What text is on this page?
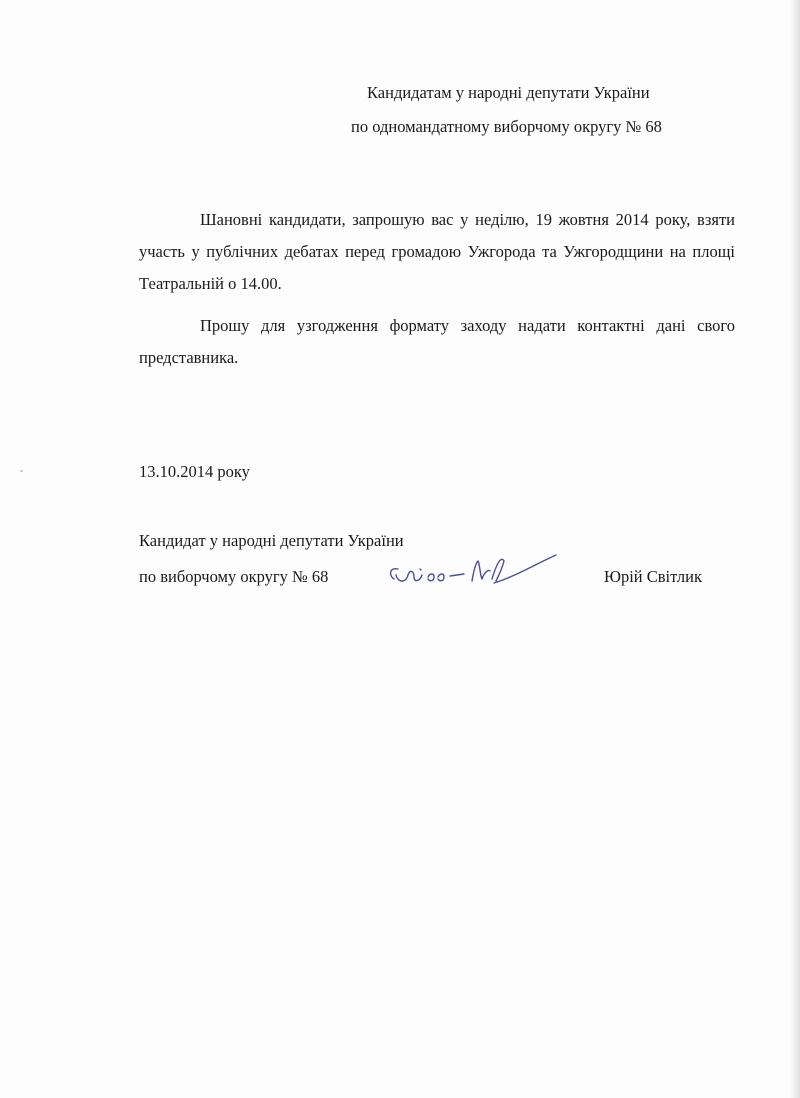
Кандидатам у народні депутати України
по одномандатному виборчому округу № 68

Шановні кандидати, запрошую вас у неділю, 19 жовтня 2014 року, взяти участь у публічних дебатах перед громадою Ужгорода та Ужгородщини на площі Театральній о 14.00.

Прошу для узгодження формату заходу надати контактні дані свого представника.

13.10.2014 року
Кандидат у народні депутати України
по виборчому округу № 68	Юрій Світлик
